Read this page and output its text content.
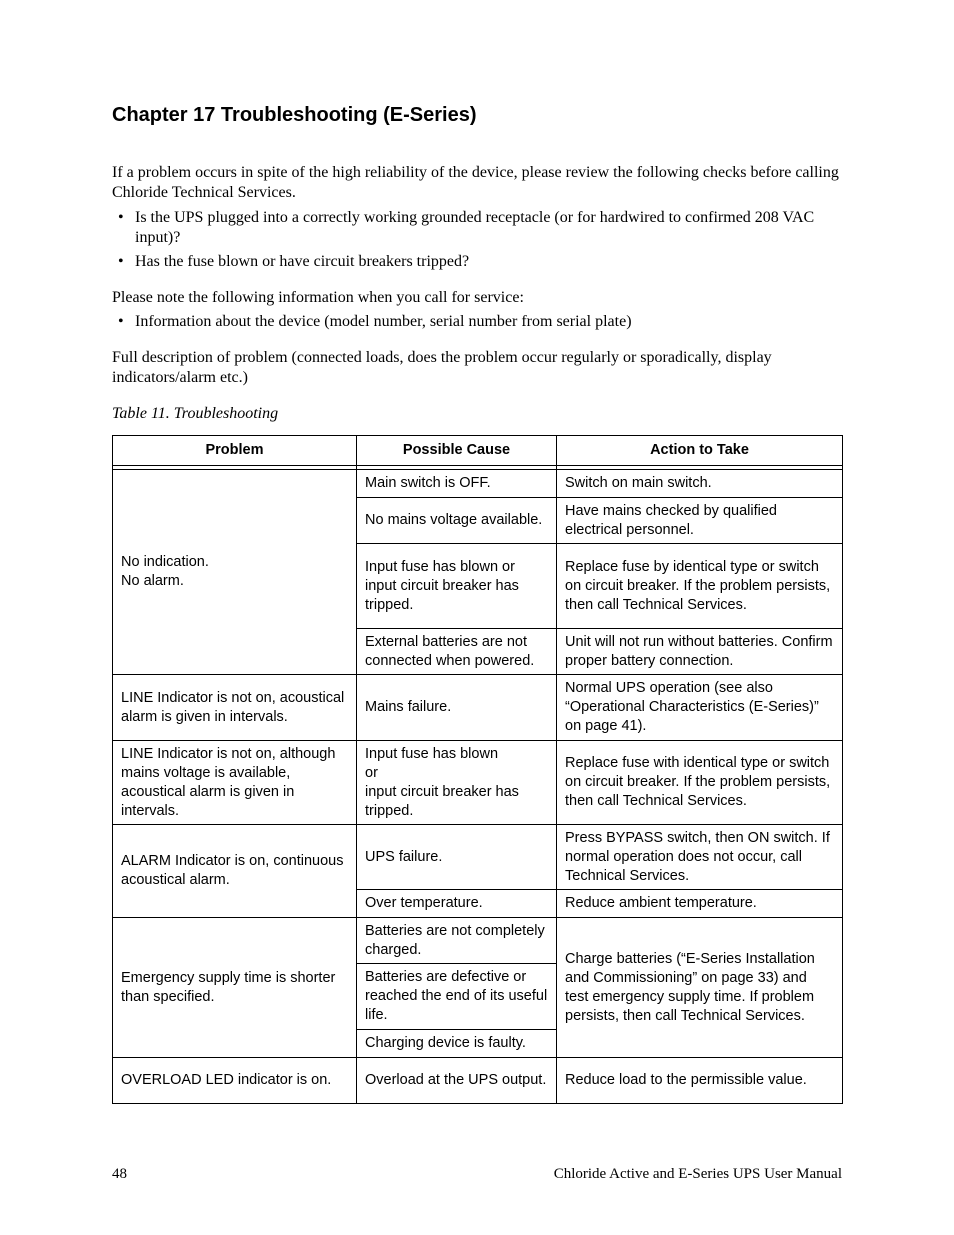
Chapter 17 Troubleshooting (E-Series)

If a problem occurs in spite of the high reliability of the device, please review the following checks before calling Chloride Technical Services.

• Is the UPS plugged into a correctly working grounded receptacle (or for hardwired to confirmed 208 VAC input)?
• Has the fuse blown or have circuit breakers tripped?

Please note the following information when you call for service:

• Information about the device (model number, serial number from serial plate)

Full description of problem (connected loads, does the problem occur regularly or sporadically, display indicators/alarm etc.)

Table 11. Troubleshooting
Problem	Possible Cause	Action to Take

No indication.
No alarm.	Main switch is OFF.	Switch on main switch.
	No mains voltage available.	Have mains checked by qualified electrical personnel.
	Input fuse has blown or input circuit breaker has tripped.	Replace fuse by identical type or switch on circuit breaker. If the problem persists, then call Technical Services.
	External batteries are not connected when powered.	Unit will not run without batteries. Confirm proper battery connection.
LINE Indicator is not on, acoustical alarm is given in intervals.	Mains failure.	Normal UPS operation (see also “Operational Characteristics (E-Series)” on page 41).
LINE Indicator is not on, although mains voltage is available, acoustical alarm is given in intervals.	Input fuse has blown
or
input circuit breaker has tripped.	Replace fuse with identical type or switch on circuit breaker. If the problem persists, then call Technical Services.
ALARM Indicator is on, continuous acoustical alarm.	UPS failure.	Press BYPASS switch, then ON switch. If normal operation does not occur, call Technical Services.
	Over temperature.	Reduce ambient temperature.
Emergency supply time is shorter than specified.	Batteries are not completely charged.	Charge batteries (“E-Series Installation and Commissioning” on page 33) and test emergency supply time. If problem persists, then call Technical Services.
	Batteries are defective or reached the end of its useful life.	
	Charging device is faulty.	
OVERLOAD LED indicator is on.	Overload at the UPS output.	Reduce load to the permissible value.
48	Chloride Active and E-Series UPS User Manual
